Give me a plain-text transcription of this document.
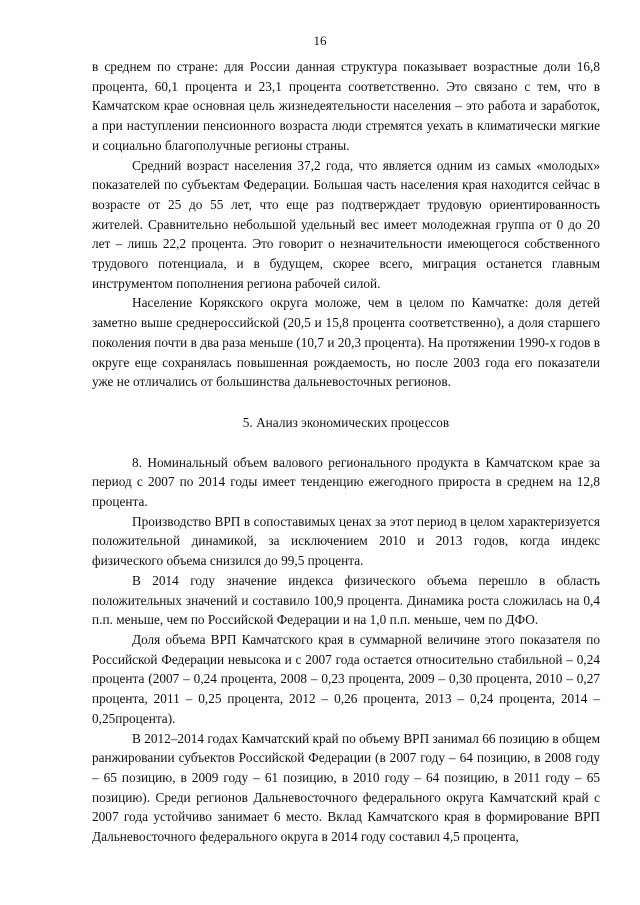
16

в среднем по стране: для России данная структура показывает возрастные доли 16,8 процента, 60,1 процента и 23,1 процента соответственно. Это связано с тем, что в Камчатском крае основная цель жизнедеятельности населения – это работа и заработок, а при наступлении пенсионного возраста люди стремятся уехать в климатически мягкие и социально благополучные регионы страны.

Средний возраст населения 37,2 года, что является одним из самых «молодых» показателей по субъектам Федерации. Большая часть населения края находится сейчас в возрасте от 25 до 55 лет, что еще раз подтверждает трудовую ориентированность жителей. Сравнительно небольшой удельный вес имеет молодежная группа от 0 до 20 лет – лишь 22,2 процента. Это говорит о незначительности имеющегося собственного трудового потенциала, и в будущем, скорее всего, миграция останется главным инструментом пополнения региона рабочей силой.

Население Корякского округа моложе, чем в целом по Камчатке: доля детей заметно выше среднероссийской (20,5 и 15,8 процента соответственно), а доля старшего поколения почти в два раза меньше (10,7 и 20,3 процента). На протяжении 1990-х годов в округе еще сохранялась повышенная рождаемость, но после 2003 года его показатели уже не отличались от большинства дальневосточных регионов.

5. Анализ экономических процессов

8. Номинальный объем валового регионального продукта в Камчатском крае за период с 2007 по 2014 годы имеет тенденцию ежегодного прироста в среднем на 12,8 процента.

Производство ВРП в сопоставимых ценах за этот период в целом характеризуется положительной динамикой, за исключением 2010 и 2013 годов, когда индекс физического объема снизился до 99,5 процента.

В 2014 году значение индекса физического объема перешло в область положительных значений и составило 100,9 процента. Динамика роста сложилась на 0,4 п.п. меньше, чем по Российской Федерации и на 1,0 п.п. меньше, чем по ДФО.

Доля объема ВРП Камчатского края в суммарной величине этого показателя по Российской Федерации невысока и с 2007 года остается относительно стабильной – 0,24 процента (2007 – 0,24 процента, 2008 – 0,23 процента, 2009 – 0,30 процента, 2010 – 0,27 процента, 2011 – 0,25 процента, 2012 – 0,26 процента, 2013 – 0,24 процента, 2014 – 0,25процента).

В 2012–2014 годах Камчатский край по объему ВРП занимал 66 позицию в общем ранжировании субъектов Российской Федерации (в 2007 году – 64 позицию, в 2008 году – 65 позицию, в 2009 году – 61 позицию, в 2010 году – 64 позицию, в 2011 году – 65 позицию). Среди регионов Дальневосточного федерального округа Камчатский край с 2007 года устойчиво занимает 6 место. Вклад Камчатского края в формирование ВРП Дальневосточного федерального округа в 2014 году составил 4,5 процента,
